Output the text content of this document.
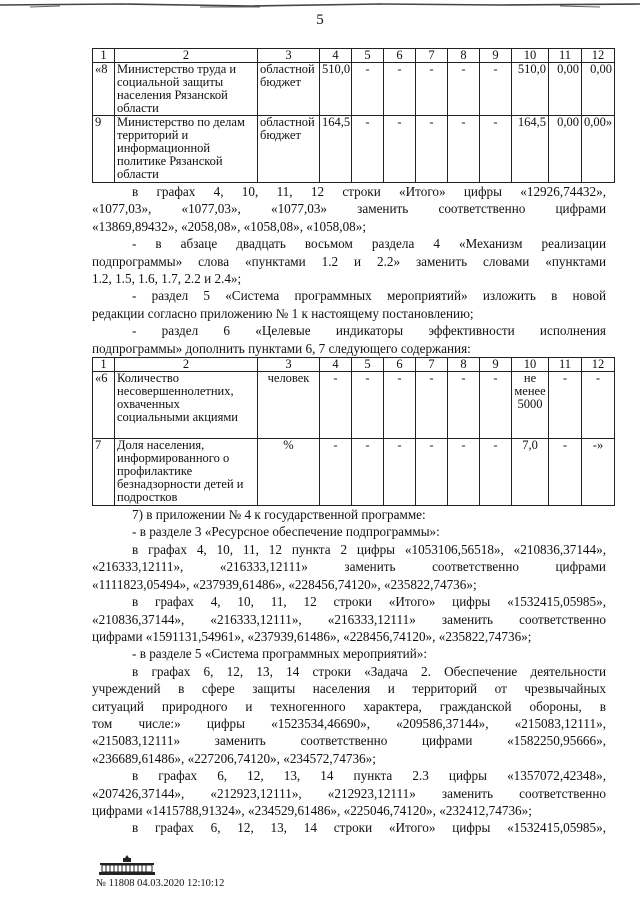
5
1	2	3	4	5	6	7	8	9	10	11	12
«8	Министерство труда и социальной защиты населения Рязанской области	областной бюджет	510,0	-	-	-	-	-	510,0	0,00	0,00
9	Министерство по делам территорий и информационной политике Рязанской области	областной бюджет	164,5	-	-	-	-	-	164,5	0,00	0,00»

в графах 4, 10, 11, 12 строки «Итого» цифры «12926,74432»,

«1077,03», «1077,03», «1077,03» заменить соответственно цифрами

«13869,89432», «2058,08», «1058,08», «1058,08»;

- в абзаце двадцать восьмом раздела 4 «Механизм реализации

подпрограммы» слова «пунктами 1.2 и 2.2» заменить словами «пунктами

1.2, 1.5, 1.6, 1.7, 2.2 и 2.4»;

- раздел 5 «Система программных мероприятий» изложить в новой

редакции согласно приложению № 1 к настоящему постановлению;

- раздел 6 «Целевые индикаторы эффективности исполнения

подпрограммы» дополнить пунктами 6, 7 следующего содержания:

1	2	3	4	5	6	7	8	9	10	11	12
«6	Количество несовершеннолетних, охваченных социальными акциями	человек	-	-	-	-	-	-	не менее 5000	-	-
7	Доля населения, информированного о профилактике безнадзорности детей и подростков	%	-	-	-	-	-	-	7,0	-	-»

7) в приложении № 4 к государственной программе:

- в разделе 3 «Ресурсное обеспечение подпрограммы»:

в графах 4, 10, 11, 12 пункта 2 цифры «1053106,56518», «210836,37144»,

«216333,12111», «216333,12111» заменить соответственно цифрами

«1111823,05494», «237939,61486», «228456,74120», «235822,74736»;

в графах 4, 10, 11, 12 строки «Итого» цифры «1532415,05985»,

«210836,37144», «216333,12111», «216333,12111» заменить соответственно

цифрами «1591131,54961», «237939,61486», «228456,74120», «235822,74736»;

- в разделе 5 «Система программных мероприятий»:

в графах 6, 12, 13, 14 строки «Задача 2. Обеспечение деятельности

учреждений в сфере защиты населения и территорий от чрезвычайных

ситуаций природного и техногенного характера, гражданской обороны, в

том числе:» цифры «1523534,46690», «209586,37144», «215083,12111»,

«215083,12111» заменить соответственно цифрами «1582250,95666»,

«236689,61486», «227206,74120», «234572,74736»;

в графах 6, 12, 13, 14 пункта 2.3 цифры «1357072,42348»,

«207426,37144», «212923,12111», «212923,12111» заменить соответственно

цифрами «1415788,91324», «234529,61486», «225046,74120», «232412,74736»;

в графах 6, 12, 13, 14 строки «Итого» цифры «1532415,05985»,

№ 11808 04.03.2020 12:10:12
